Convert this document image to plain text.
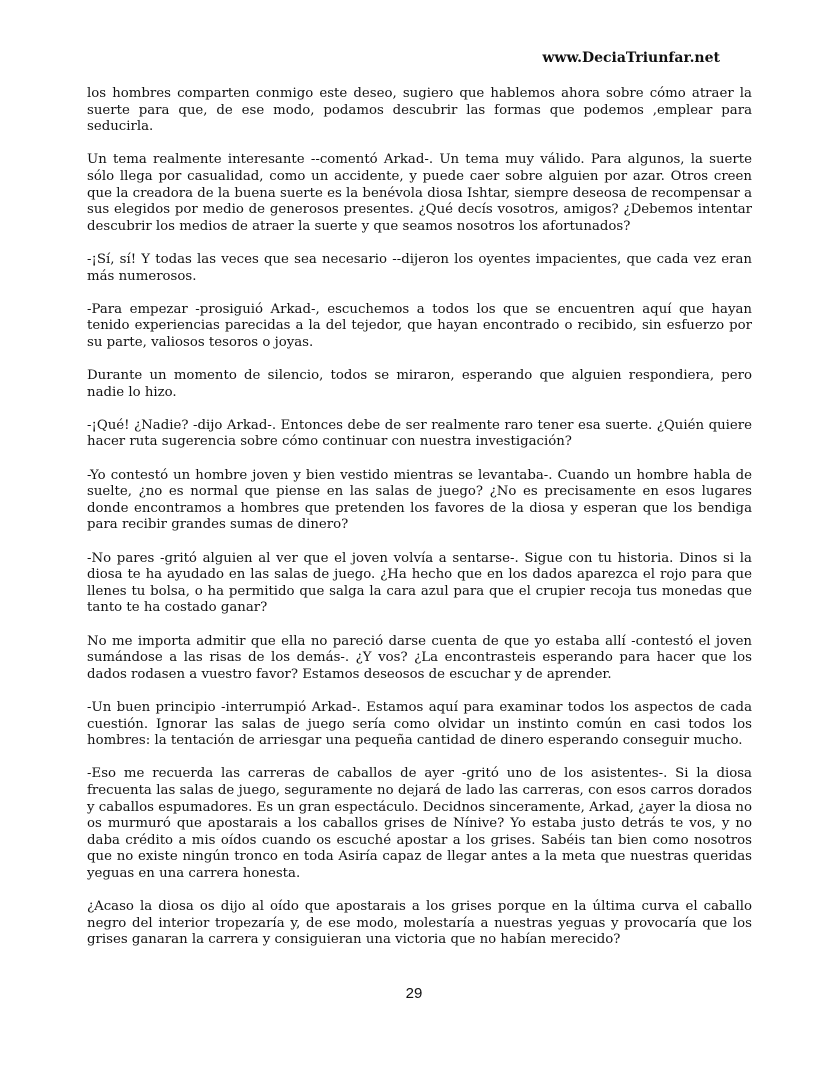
www.DeciaTriunfar.net

los hombres comparten conmigo este deseo, sugiero que hablemos ahora sobre cómo atraer la suerte para que, de ese modo, podamos descubrir las formas que podemos ,emplear para seducirla.

Un tema realmente interesante --comentó Arkad-. Un tema muy válido. Para algunos, la suerte sólo llega por casualidad, como un accidente, y puede caer sobre alguien por azar. Otros creen que la creadora de la buena suerte es la benévola diosa Ishtar, siempre deseosa de recompensar a sus elegidos por medio de generosos presentes. ¿Qué decís vosotros, amigos? ¿Debemos intentar descubrir los medios de atraer la suerte y que seamos nosotros los afortunados?

-¡Sí, sí! Y todas las veces que sea necesario --dijeron los oyentes impacientes, que cada vez eran más numerosos.

-Para empezar -prosiguió Arkad-, escuchemos a todos los que se encuentren aquí que hayan tenido experiencias parecidas a la del tejedor, que hayan encontrado o recibido, sin esfuerzo por su parte, valiosos tesoros o joyas.

Durante un momento de silencio, todos se miraron, esperando que alguien respondiera, pero nadie lo hizo.

-¡Qué! ¿Nadie? -dijo Arkad-. Entonces debe de ser realmente raro tener esa suerte. ¿Quién quiere hacer ruta sugerencia sobre cómo continuar con nuestra investigación?

-Yo contestó un hombre joven y bien vestido mientras se levantaba-. Cuando un hombre habla de suelte, ¿no es normal que piense en las salas de juego? ¿No es precisamente en esos lugares donde encontramos a hombres que pretenden los favores de la diosa y esperan que los bendiga para recibir grandes sumas de dinero?

-No pares -gritó alguien al ver que el joven volvía a sentarse-. Sigue con tu historia. Dinos si la diosa te ha ayudado en las salas de juego. ¿Ha hecho que en los dados aparezca el rojo para que llenes tu bolsa, o ha permitido que salga la cara azul para que el crupier recoja tus monedas que tanto te ha costado ganar?

No me importa admitir que ella no pareció darse cuenta de que yo estaba allí -contestó el joven sumándose a las risas de los demás-. ¿Y vos? ¿La encontrasteis esperando para hacer que los dados rodasen a vuestro favor? Estamos deseosos de escuchar y de aprender.

-Un buen principio -interrumpió Arkad-. Estamos aquí para examinar todos los aspectos de cada cuestión. Ignorar las salas de juego sería como olvidar un instinto común en casi todos los hombres: la tentación de arriesgar una pequeña cantidad de dinero esperando conseguir mucho.

-Eso me recuerda las carreras de caballos de ayer -gritó uno de los asistentes-. Si la diosa frecuenta las salas de juego, seguramente no dejará de lado las carreras, con esos carros dorados y caballos espumadores. Es un gran espectáculo. Decidnos sinceramente, Arkad, ¿ayer la diosa no os murmuró que apostarais a los caballos grises de Nínive? Yo estaba justo detrás te vos, y no daba crédito a mis oídos cuando os escuché apostar a los grises. Sabéis tan bien como nosotros que no existe ningún tronco en toda Asiría capaz de llegar antes a la meta que nuestras queridas yeguas en una carrera honesta.

¿Acaso la diosa os dijo al oído que apostarais a los grises porque en la última curva el caballo negro del interior tropezaría y, de ese modo, molestaría a nuestras yeguas y provocaría que los grises ganaran la carrera y consiguieran una victoria que no habían merecido?

29
